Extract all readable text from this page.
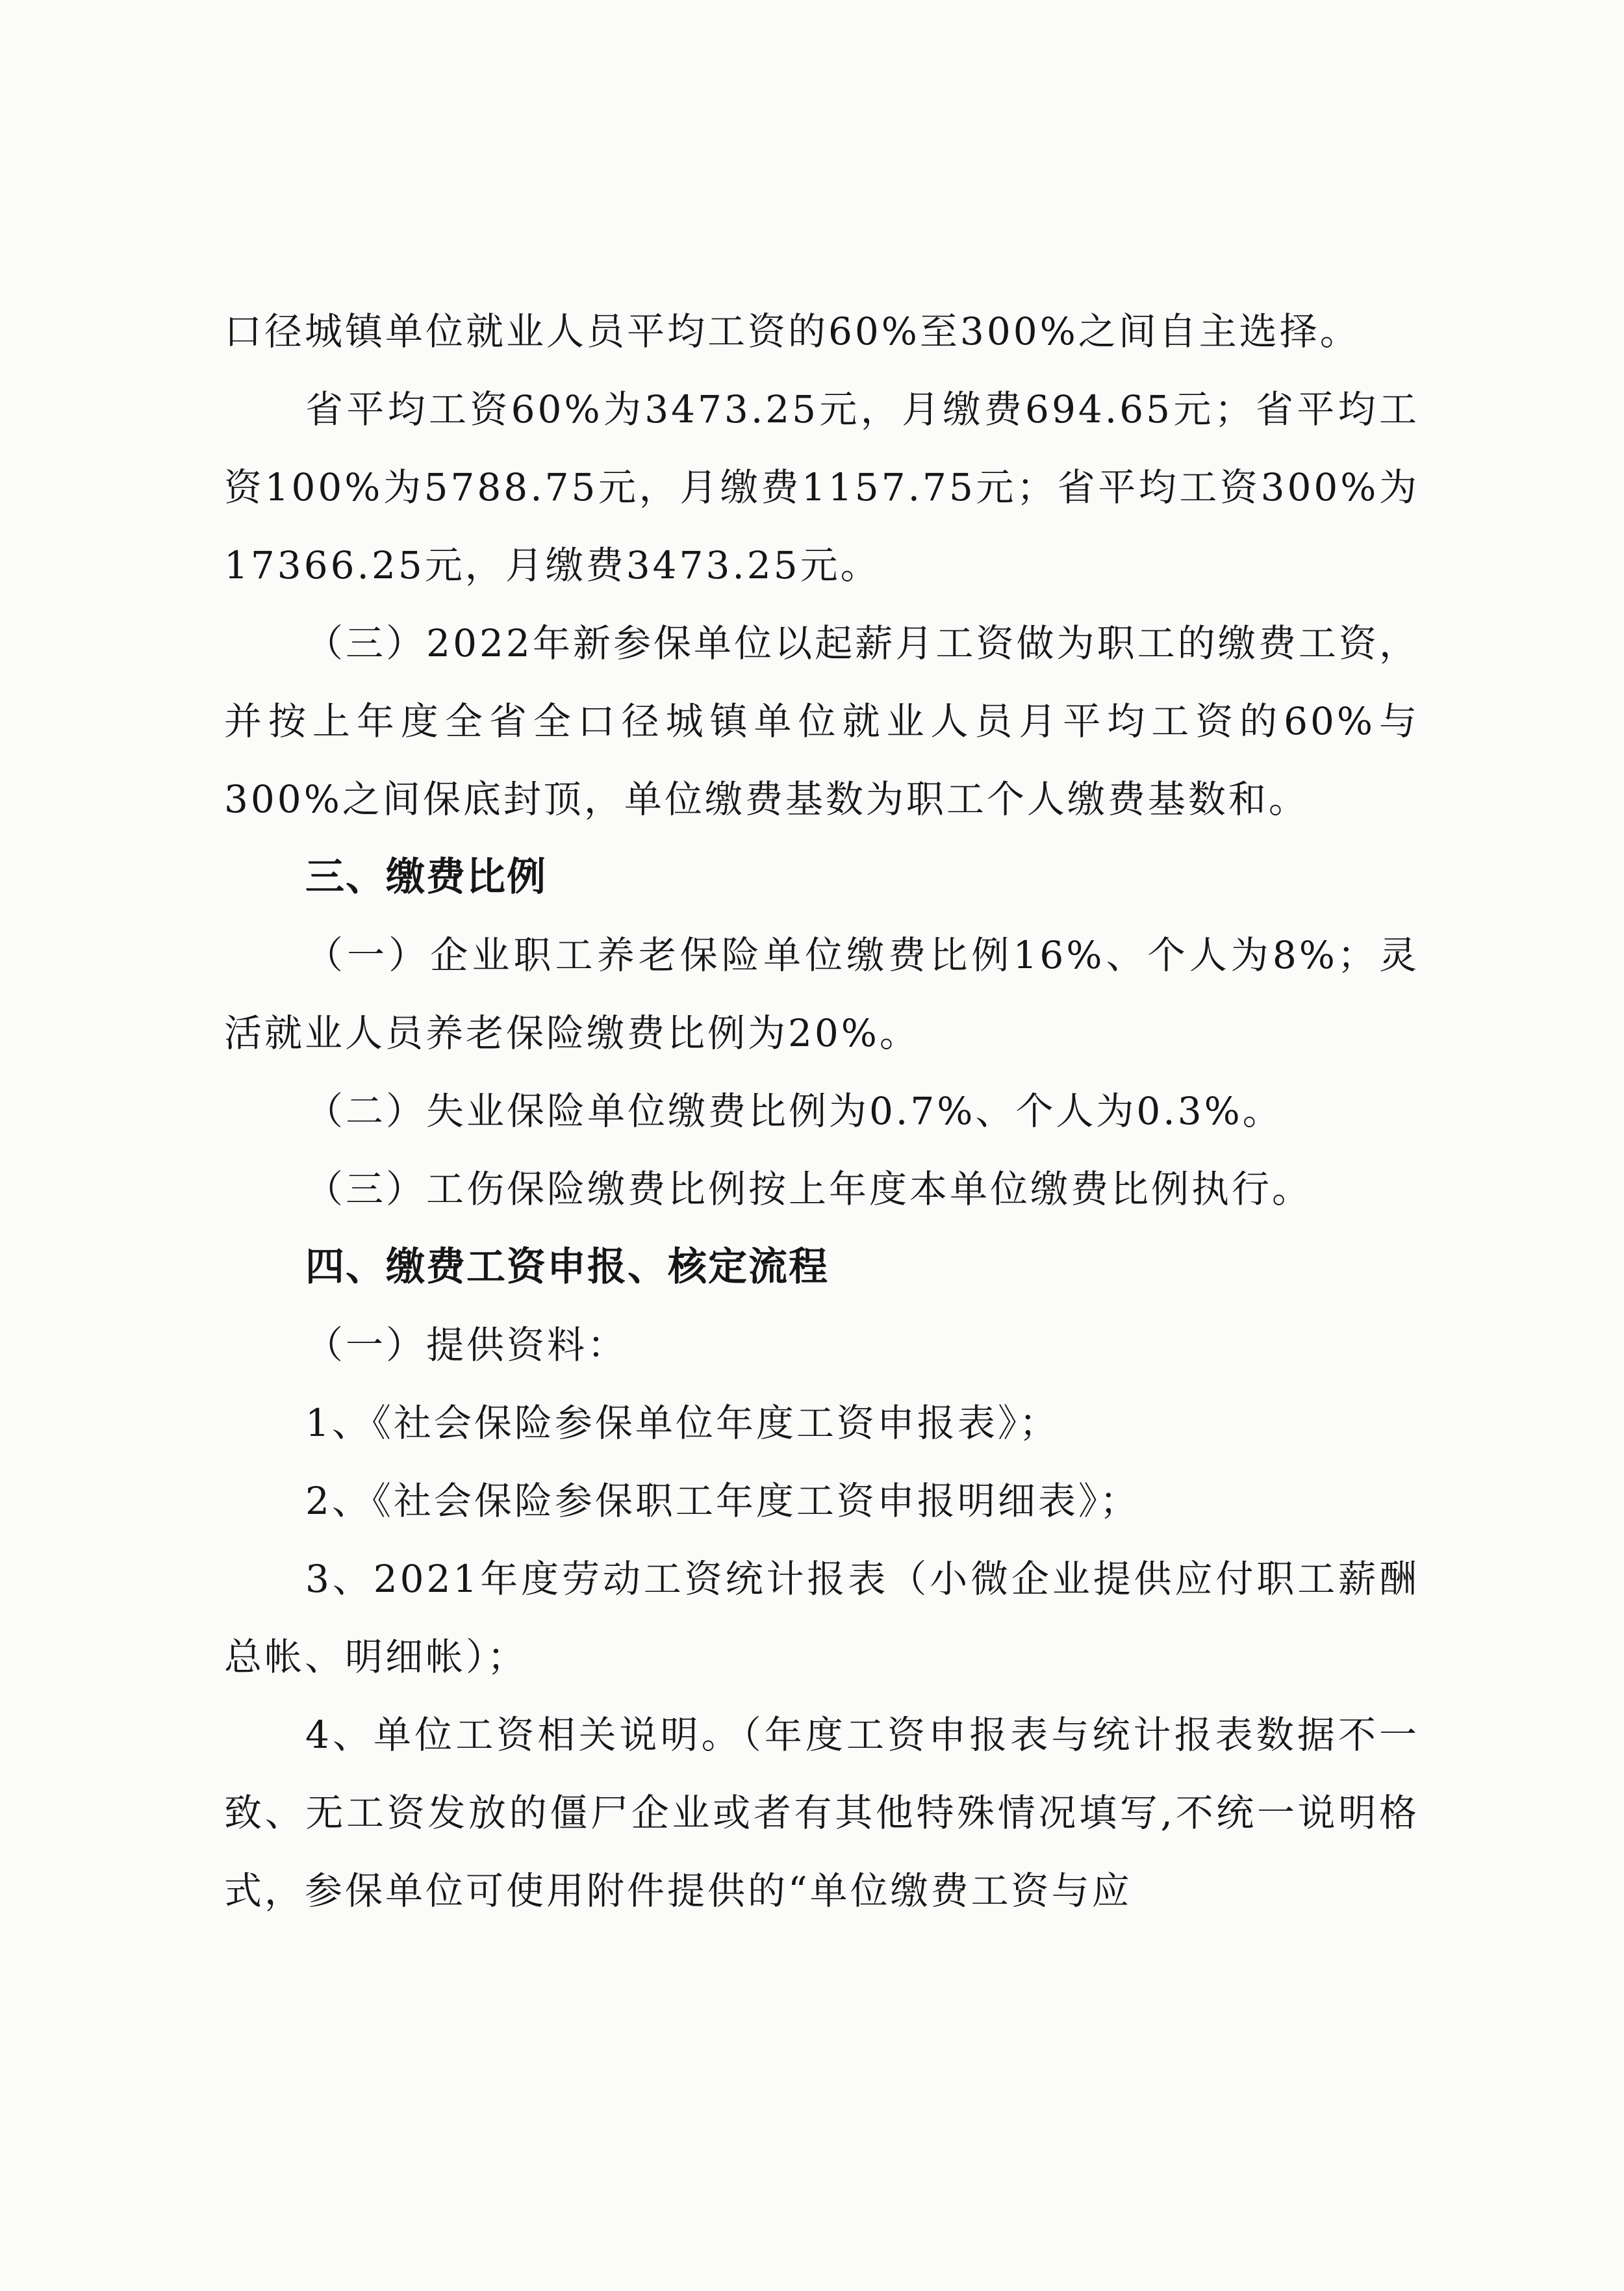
口径城镇单位就业人员平均工资的60%至300%之间自主选择。

省平均工资60%为3473.25元，月缴费694.65元；省平均工资100%为5788.75元，月缴费1157.75元；省平均工资300%为17366.25元，月缴费3473.25元。

（三）2022年新参保单位以起薪月工资做为职工的缴费工资，并按上年度全省全口径城镇单位就业人员月平均工资的60%与300%之间保底封顶，单位缴费基数为职工个人缴费基数和。

三、缴费比例

（一）企业职工养老保险单位缴费比例16%、个人为8%；灵活就业人员养老保险缴费比例为20%。

（二）失业保险单位缴费比例为0.7%、个人为0.3%。

（三）工伤保险缴费比例按上年度本单位缴费比例执行。

四、缴费工资申报、核定流程

（一）提供资料：

1、《社会保险参保单位年度工资申报表》；

2、《社会保险参保职工年度工资申报明细表》；

3、2021年度劳动工资统计报表（小微企业提供应付职工薪酬总帐、明细帐）；

4、单位工资相关说明。（年度工资申报表与统计报表数据不一致、无工资发放的僵尸企业或者有其他特殊情况填写,不统一说明格式，参保单位可使用附件提供的“单位缴费工资与应
